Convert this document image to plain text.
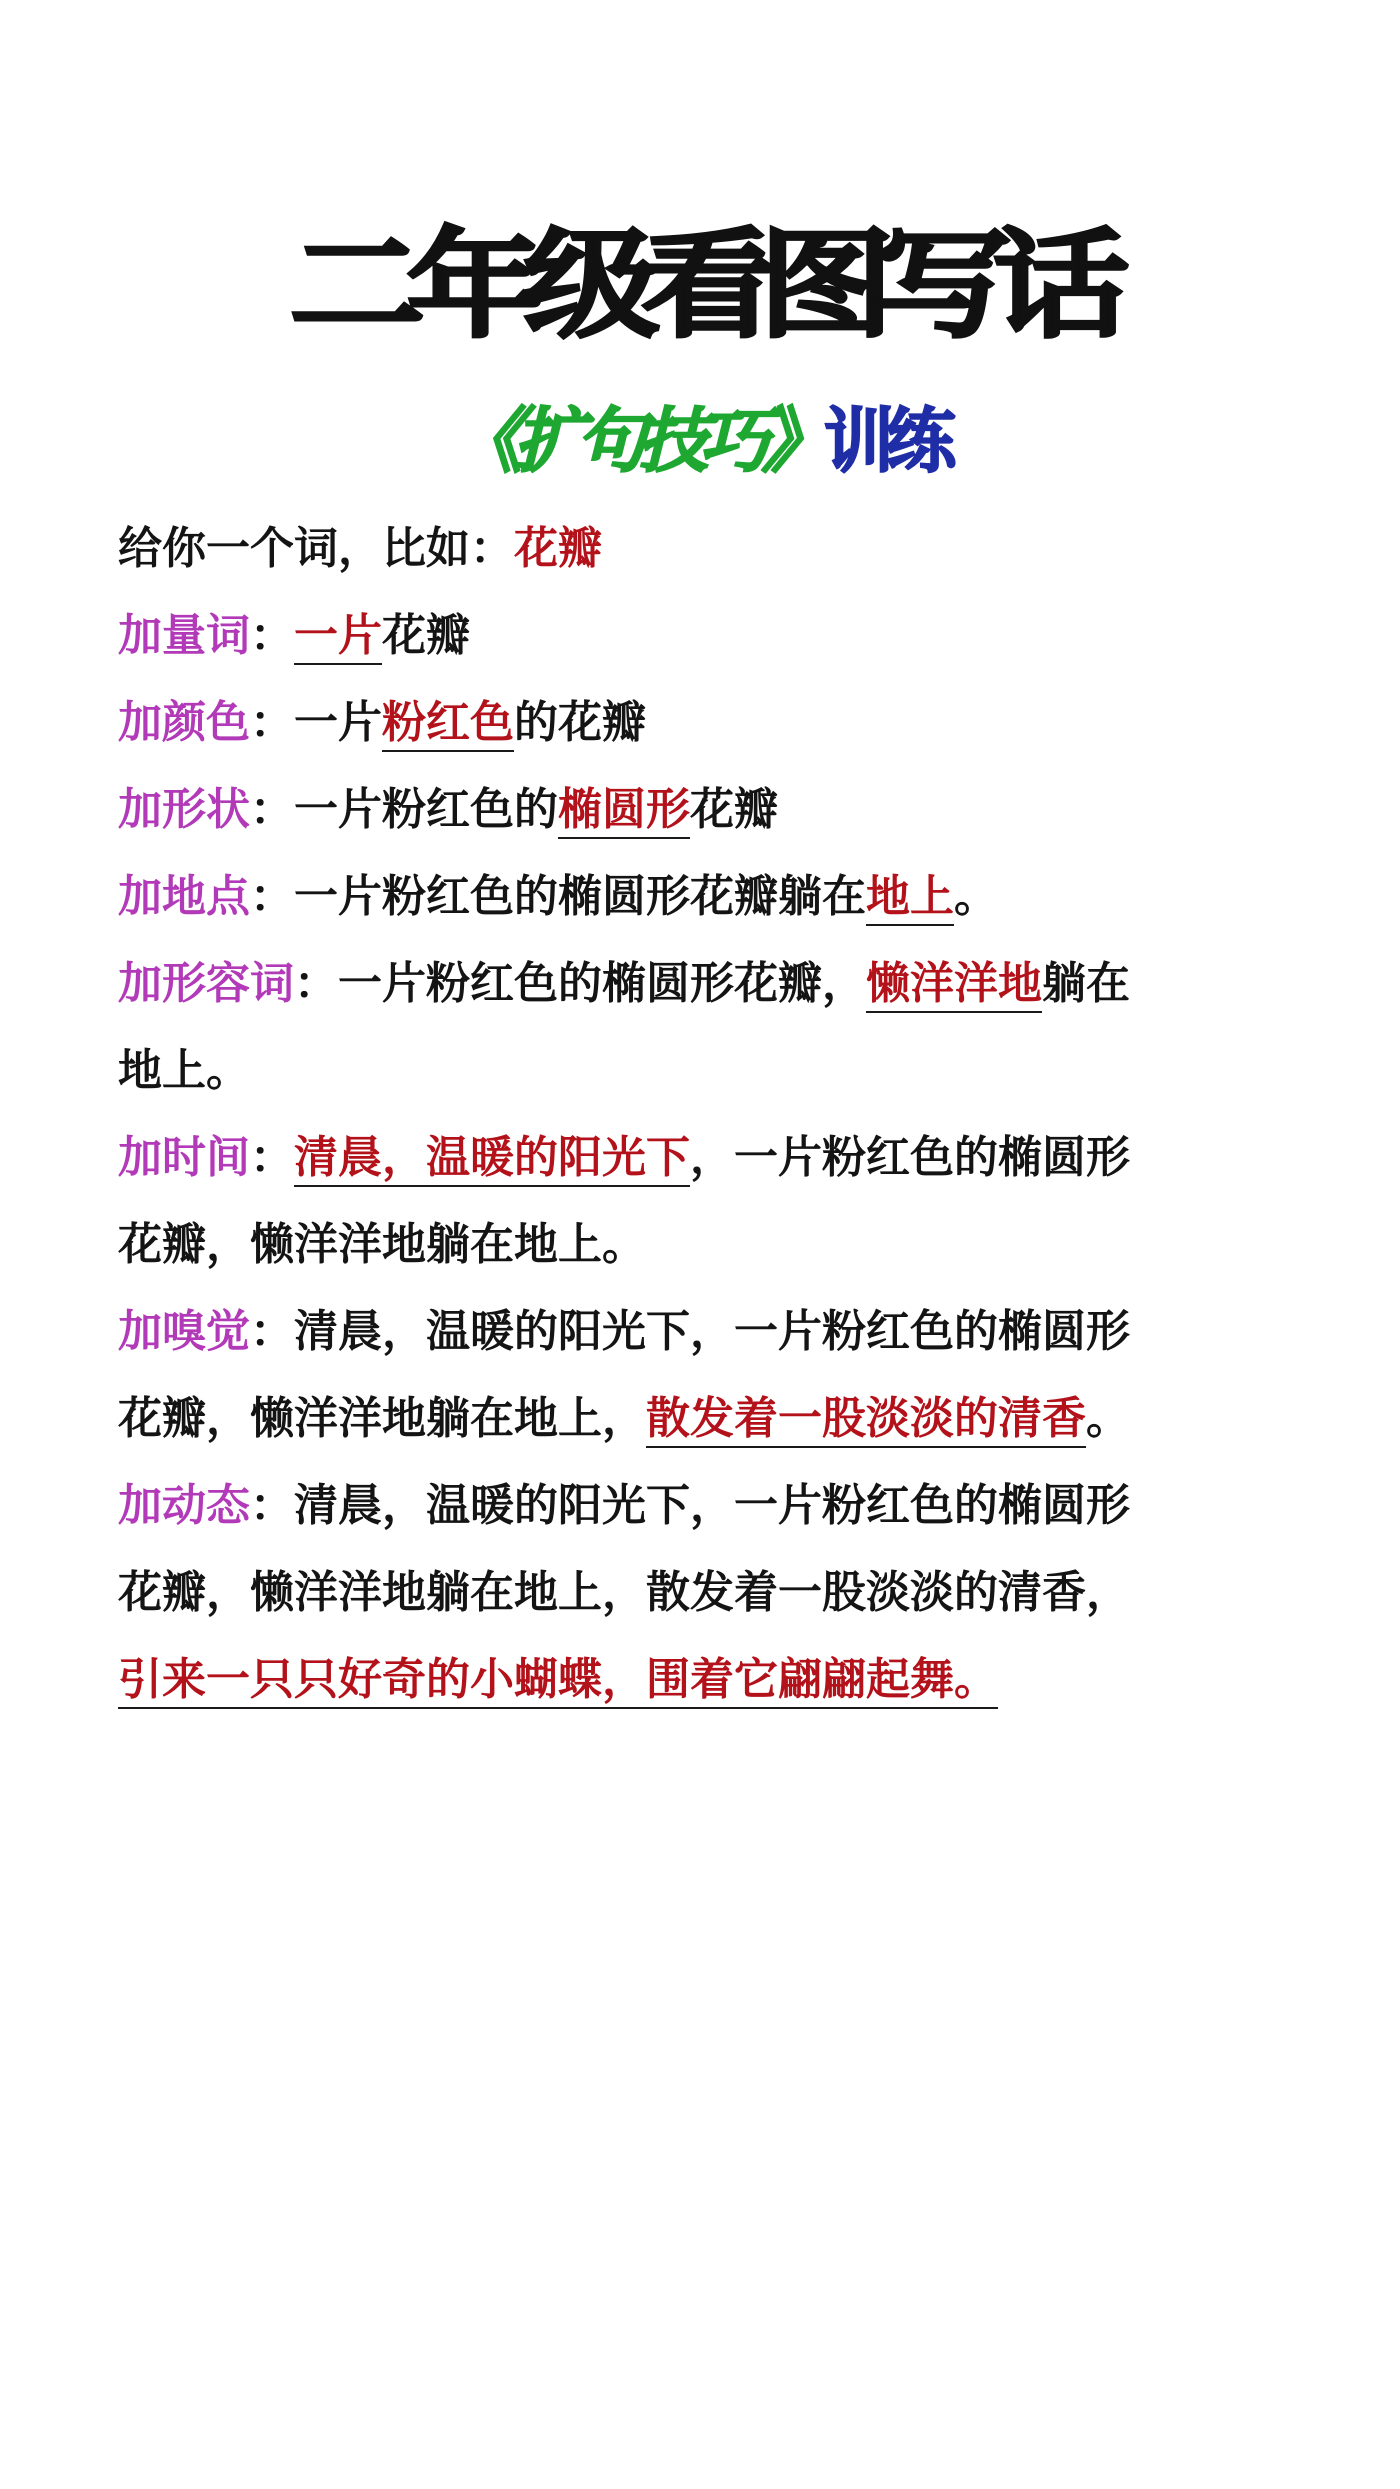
二年级看图写话
《扩句技巧》训练
给你一个词，比如：花瓣
加量词：一片花瓣
加颜色：一片粉红色的花瓣
加形状：一片粉红色的椭圆形花瓣
加地点：一片粉红色的椭圆形花瓣躺在地上。
加形容词：一片粉红色的椭圆形花瓣，懒洋洋地躺在
地上。
加时间：清晨，温暖的阳光下，一片粉红色的椭圆形
花瓣，懒洋洋地躺在地上。
加嗅觉：清晨，温暖的阳光下，一片粉红色的椭圆形
花瓣，懒洋洋地躺在地上，散发着一股淡淡的清香。
加动态：清晨，温暖的阳光下，一片粉红色的椭圆形
花瓣，懒洋洋地躺在地上，散发着一股淡淡的清香，
引来一只只好奇的小蝴蝶，围着它翩翩起舞。
